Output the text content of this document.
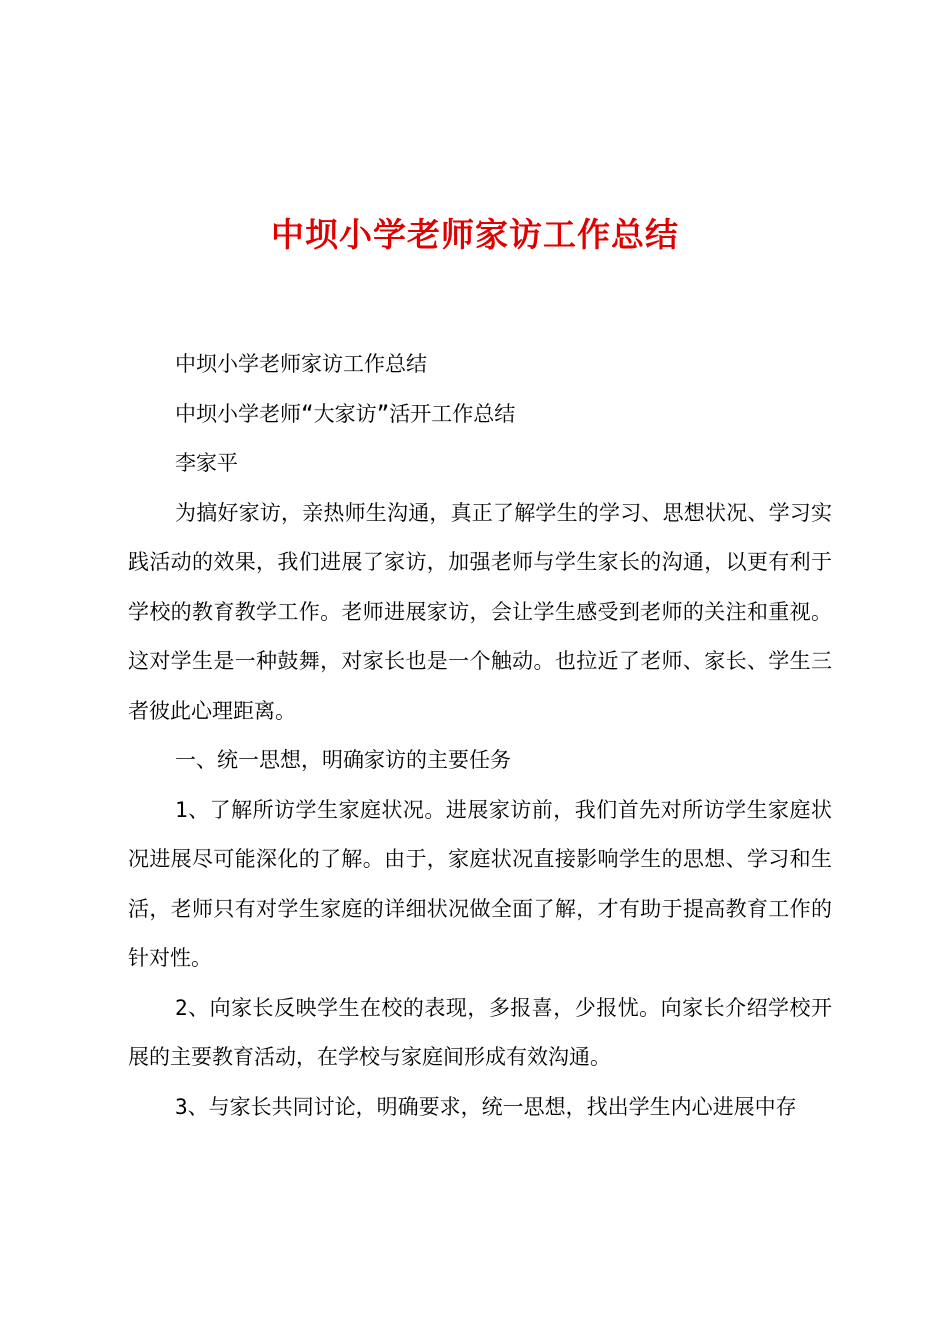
中坝小学老师家访工作总结

中坝小学老师家访工作总结

中坝小学老师“大家访”活开工作总结

李家平

为搞好家访，亲热师生沟通，真正了解学生的学习、思想状况、学习实践活动的效果，我们进展了家访，加强老师与学生家长的沟通，以更有利于学校的教育教学工作。老师进展家访，会让学生感受到老师的关注和重视。这对学生是一种鼓舞，对家长也是一个触动。也拉近了老师、家长、学生三者彼此心理距离。

一、统一思想，明确家访的主要任务

1、了解所访学生家庭状况。进展家访前，我们首先对所访学生家庭状况进展尽可能深化的了解。由于，家庭状况直接影响学生的思想、学习和生活，老师只有对学生家庭的详细状况做全面了解，才有助于提高教育工作的针对性。

2、向家长反映学生在校的表现，多报喜，少报忧。向家长介绍学校开展的主要教育活动，在学校与家庭间形成有效沟通。

3、与家长共同讨论，明确要求，统一思想，找出学生内心进展中存
